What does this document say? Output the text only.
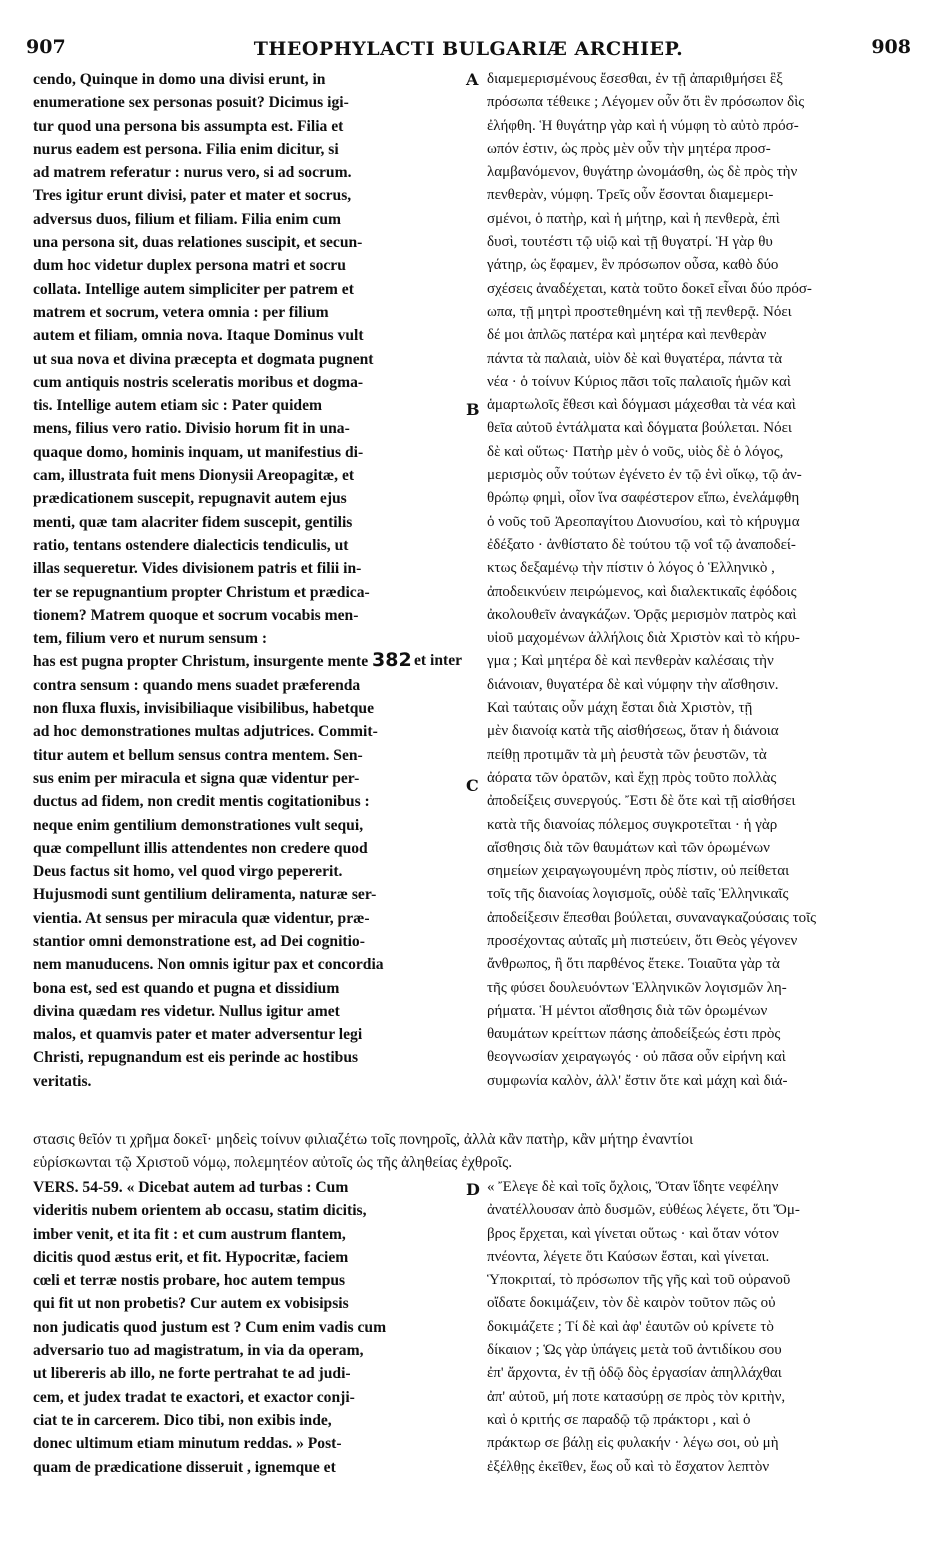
907	THEOPHYLACTI BULGARIÆ ARCHIEP.	908
cendo, Quinque in domo una divisi erunt, in
enumeratione sex personas posuit? Dicimus igi-
tur quod una persona bis assumpta est. Filia et
nurus eadem est persona. Filia enim dicitur, si
ad matrem referatur : nurus vero, si ad socrum.
Tres igitur erunt divisi, pater et mater et socrus,
adversus duos, filium et filiam. Filia enim cum
una persona sit, duas relationes suscipit, et secun-
dum hoc videtur duplex persona matri et socru
collata. Intellige autem simpliciter per patrem et
matrem et socrum, vetera omnia : per filium
autem et filiam, omnia nova. Itaque Dominus vult
ut sua nova et divina præcepta et dogmata pugnent
cum antiquis nostris sceleratis moribus et dogma-
tis. Intellige autem etiam sic : Pater quidem
mens, filius vero ratio. Divisio horum fit in una-
quaque domo, hominis inquam, ut manifestius di-
cam, illustrata fuit mens Dionysii Areopagitæ, et
prædicationem suscepit, repugnavit autem ejus
menti, quæ tam alacriter fidem suscepit, gentilis
ratio, tentans ostendere dialecticis tendiculis, ut
illas sequeretur. Vides divisionem patris et filii in-
ter se repugnantium propter Christum et prædica-
tionem? Matrem quoque et socrum vocabis men-
tem, filium vero et nurum sensum :
has est pugna propter Christum, insurgente mente
contra sensum : quando mens suadet præferenda
non fluxa fluxis, invisibiliaque visibilibus, habetque
ad hoc demonstrationes multas adjutrices. Commit-
titur autem et bellum sensus contra mentem. Sen-
sus enim per miracula et signa quæ videntur per-
ductus ad fidem, non credit mentis cogitationibus :
neque enim gentilium demonstrationes vult sequi,
quæ compellunt illis attendentes non credere quod
Deus factus sit homo, vel quod virgo pepererit.
Hujusmodi sunt gentilium deliramenta, naturæ ser-
vientia. At sensus per miracula quæ videntur, præ-
stantior omni demonstratione est, ad Dei cognitio-
nem manuducens. Non omnis igitur pax et concordia
bona est, sed est quando et pugna et dissidium
divina quædam res videtur. Nullus igitur amet
malos, et quamvis pater et mater adversentur legi
Christi, repugnandum est eis perinde ac hostibus
veritatis.
διαμεμερισμένους ἔσεσθαι, ἐν τῇ ἀπαριθμήσει ἓξ
πρόσωπα τέθεικε ; Λέγομεν οὖν ὅτι ἓν πρόσωπον δὶς
ἐλήφθη. Ἡ θυγάτηρ γὰρ καὶ ἡ νύμφη τὸ αὐτὸ πρόσ-
ωπόν ἐστιν, ὡς πρὸς μὲν οὖν τὴν μητέρα προσ-
λαμβανόμενον, θυγάτηρ ὠνομάσθη, ὡς δὲ πρὸς τὴν
πενθερὰν, νύμφη. Τρεῖς οὖν ἔσονται διαμεμερι-
σμένοι, ὁ πατὴρ, καὶ ἡ μήτηρ, καὶ ἡ πενθερὰ, ἐπὶ
δυσὶ, τουτέστι τῷ υἱῷ καὶ τῇ θυγατρί. Ἡ γὰρ θυ
γάτηρ, ὡς ἔφαμεν, ἓν πρόσωπον οὖσα, καθὸ δύο
σχέσεις ἀναδέχεται, κατὰ τοῦτο δοκεῖ εἶναι δύο πρόσ-
ωπα, τῇ μητρὶ προστεθημένη καὶ τῇ πενθερᾷ. Νόει
δέ μοι ἁπλῶς πατέρα καὶ μητέρα καὶ πενθερὰν
πάντα τὰ παλαιὰ, υἱὸν δὲ καὶ θυγατέρα, πάντα τὰ
νέα · ὁ τοίνυν Κύριος πᾶσι τοῖς παλαιοῖς ἡμῶν καὶ
ἁμαρτωλοῖς ἔθεσι καὶ δόγμασι μάχεσθαι τὰ νέα καὶ
θεῖα αὐτοῦ ἐντάλματα καὶ δόγματα βούλεται. Νόει
δὲ καὶ οὕτως· Πατὴρ μὲν ὁ νοῦς, υἱὸς δὲ ὁ λόγος,
μερισμὸς οὖν τούτων ἐγένετο ἐν τῷ ἑνὶ οἴκῳ, τῷ ἀν-
θρώπῳ φημὶ, οἷον ἵνα σαφέστερον εἴπω, ἐνελάμφθη
ὁ νοῦς τοῦ Ἀρεοπαγίτου Διονυσίου, καὶ τὸ κήρυγμα
ἐδέξατο · ἀνθίστατο δὲ τούτου τῷ νοΐ τῷ ἀναποδεί-
κτως δεξαμένῳ τὴν πίστιν ὁ λόγος ὁ Ἑλληνικὸ ,
ἀποδεικνύειν πειρώμενος, καὶ διαλεκτικαῖς ἐφόδοις
ἀκολουθεῖν ἀναγκάζων. Ὁρᾷς μερισμὸν πατρὸς καὶ
υἱοῦ μαχομένων ἀλλήλοις διὰ Χριστὸν καὶ τὸ κήρυ-
γμα ; Καὶ μητέρα δὲ καὶ πενθερὰν καλέσαις τὴν
διάνοιαν, θυγατέρα δὲ καὶ νύμφην τὴν αἴσθησιν.
Καὶ ταύταις οὖν μάχη ἔσται διὰ Χριστὸν, τῇ
μὲν διανοίᾳ κατὰ τῆς αἰσθήσεως, ὅταν ἡ διάνοια
πείθῃ προτιμᾶν τὰ μὴ ῥευστὰ τῶν ῥευστῶν, τὰ
ἀόρατα τῶν ὁρατῶν, καὶ ἔχῃ πρὸς τοῦτο πολλὰς
ἀποδείξεις συνεργούς. Ἔστι δὲ ὅτε καὶ τῇ αἰσθήσει
κατὰ τῆς διανοίας πόλεμος συγκροτεῖται · ἡ γὰρ
αἴσθησις διὰ τῶν θαυμάτων καὶ τῶν ὁρωμένων
σημείων χειραγωγουμένη πρὸς πίστιν, οὐ πείθεται
τοῖς τῆς διανοίας λογισμοῖς, οὐδὲ ταῖς Ἑλληνικαῖς
ἀποδείξεσιν ἕπεσθαι βούλεται, συναναγκαζούσαις τοῖς
προσέχοντας αὐταῖς μὴ πιστεύειν, ὅτι Θεὸς γέγονεν
ἄνθρωπος, ἢ ὅτι παρθένος ἔτεκε. Τοιαῦτα γὰρ τὰ
τῆς φύσει δουλευόντων Ἑλληνικῶν λογισμῶν λη-
ρήματα. Ἡ μέντοι αἴσθησις διὰ τῶν ὁρωμένων
θαυμάτων κρείττων πάσης ἀποδείξεώς ἐστι πρὸς
θεογνωσίαν χειραγωγός · οὐ πᾶσα οὖν εἰρήνη καὶ
συμφωνία καλὸν, ἀλλ' ἔστιν ὅτε καὶ μάχη καὶ διά-
382 et inter
A
B
C
D
στασις θεῖόν τι χρῆμα δοκεῖ· μηδεὶς τοίνυν φιλιαζέτω τοῖς πονηροῖς, ἀλλὰ κἂν πατὴρ, κἂν μήτηρ ἐναντίοι
εὑρίσκωνται τῷ Χριστοῦ νόμῳ, πολεμητέον αὐτοῖς ὡς τῆς ἀληθείας ἐχθροῖς.
VERS. 54-59. « Dicebat autem ad turbas : Cum
videritis nubem orientem ab occasu, statim dicitis,
imber venit, et ita fit : et cum austrum flantem,
dicitis quod æstus erit, et fit. Hypocritæ, faciem
cœli et terræ nostis probare, hoc autem tempus
qui fit ut non probetis? Cur autem ex vobisipsis
non judicatis quod justum est ? Cum enim vadis cum
adversario tuo ad magistratum, in via da operam,
ut libereris ab illo, ne forte pertrahat te ad judi-
cem, et judex tradat te exactori, et exactor conji-
ciat te in carcerem. Dico tibi, non exibis inde,
donec ultimum etiam minutum reddas. » Post-
quam de prædicatione disseruit , ignemque et
« Ἔλεγε δὲ καὶ τοῖς ὄχλοις, Ὅταν ἴδητε νεφέλην
ἀνατέλλουσαν ἀπὸ δυσμῶν, εὐθέως λέγετε, ὅτι Ὄμ-
βρος ἔρχεται, καὶ γίνεται οὕτως · καὶ ὅταν νότον
πνέοντα, λέγετε ὅτι Καύσων ἔσται, καὶ γίνεται.
Ὑποκριταί, τὸ πρόσωπον τῆς γῆς καὶ τοῦ οὐρανοῦ
οἴδατε δοκιμάζειν, τὸν δὲ καιρὸν τοῦτον πῶς οὐ
δοκιμάζετε ; Τί δὲ καὶ ἀφ' ἑαυτῶν οὐ κρίνετε τὸ
δίκαιον ; Ὡς γὰρ ὑπάγεις μετὰ τοῦ ἀντιδίκου σου
ἐπ' ἄρχοντα, ἐν τῇ ὁδῷ δὸς ἐργασίαν ἀπηλλάχθαι
ἀπ' αὐτοῦ, μή ποτε κατασύρῃ σε πρὸς τὸν κριτὴν,
καὶ ὁ κριτής σε παραδῷ τῷ πράκτορι , καὶ ὁ
πράκτωρ σε βάλῃ εἰς φυλακήν · λέγω σοι, οὐ μὴ
ἐξέλθῃς ἐκεῖθεν, ἕως οὗ καὶ τὸ ἔσχατον λεπτὸν
